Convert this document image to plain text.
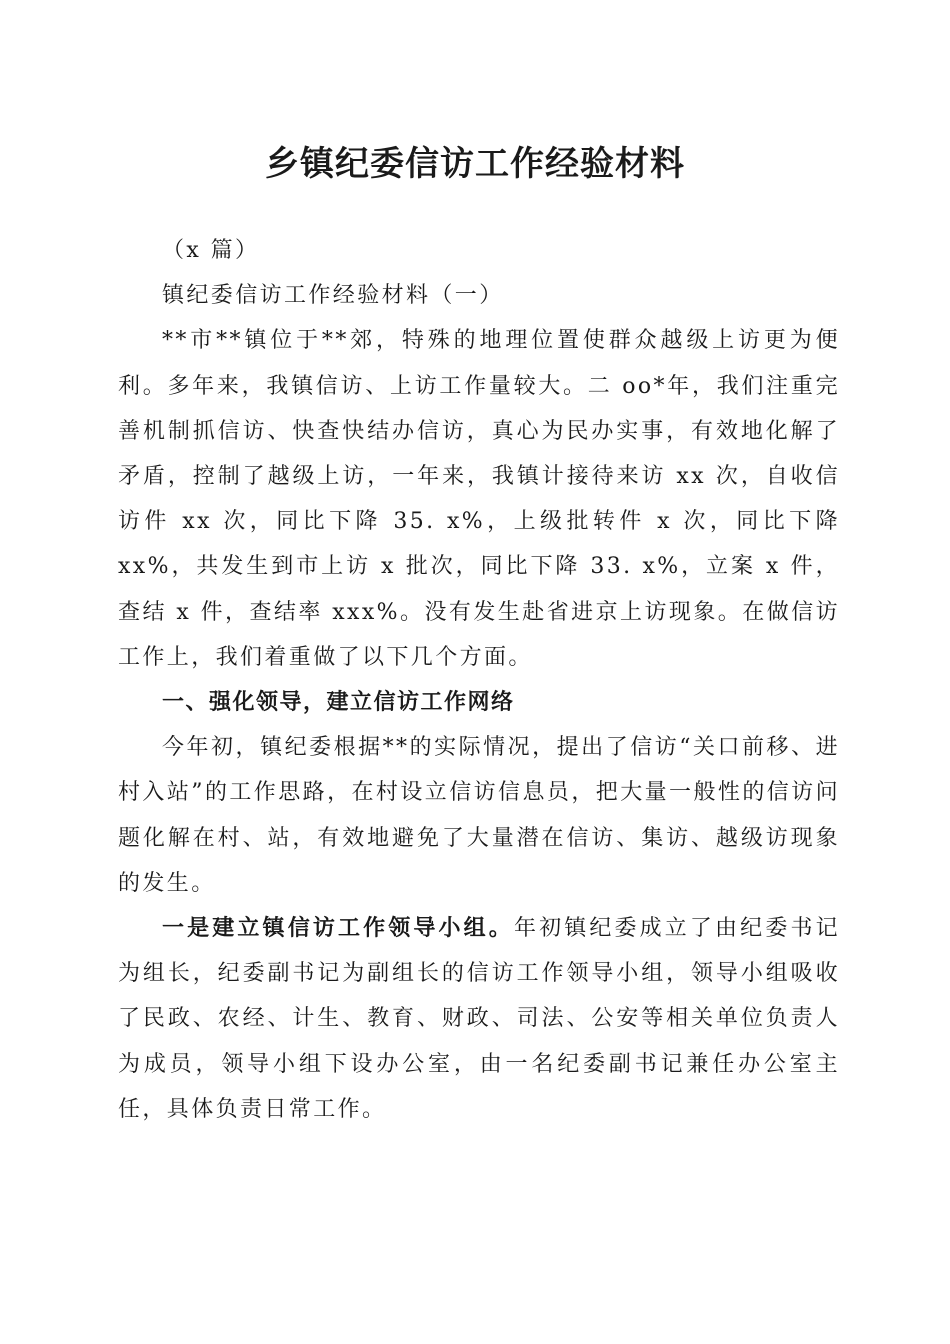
乡镇纪委信访工作经验材料

（x 篇）

镇纪委信访工作经验材料（一）

**市**镇位于**郊，特殊的地理位置使群众越级上访更为便利。多年来，我镇信访、上访工作量较大。二 oo*年，我们注重完善机制抓信访、快查快结办信访，真心为民办实事，有效地化解了矛盾，控制了越级上访，一年来，我镇计接待来访 xx 次，自收信访件 xx 次，同比下降 35. x%，上级批转件 x 次，同比下降 xx%，共发生到市上访 x 批次，同比下降 33. x%，立案 x 件，查结 x 件，查结率 xxx%。没有发生赴省进京上访现象。在做信访工作上，我们着重做了以下几个方面。

一、强化领导，建立信访工作网络

今年初，镇纪委根据**的实际情况，提出了信访“关口前移、进村入站”的工作思路，在村设立信访信息员，把大量一般性的信访问题化解在村、站，有效地避免了大量潜在信访、集访、越级访现象的发生。

一是建立镇信访工作领导小组。年初镇纪委成立了由纪委书记为组长，纪委副书记为副组长的信访工作领导小组，领导小组吸收了民政、农经、计生、教育、财政、司法、公安等相关单位负责人为成员，领导小组下设办公室，由一名纪委副书记兼任办公室主任，具体负责日常工作。
